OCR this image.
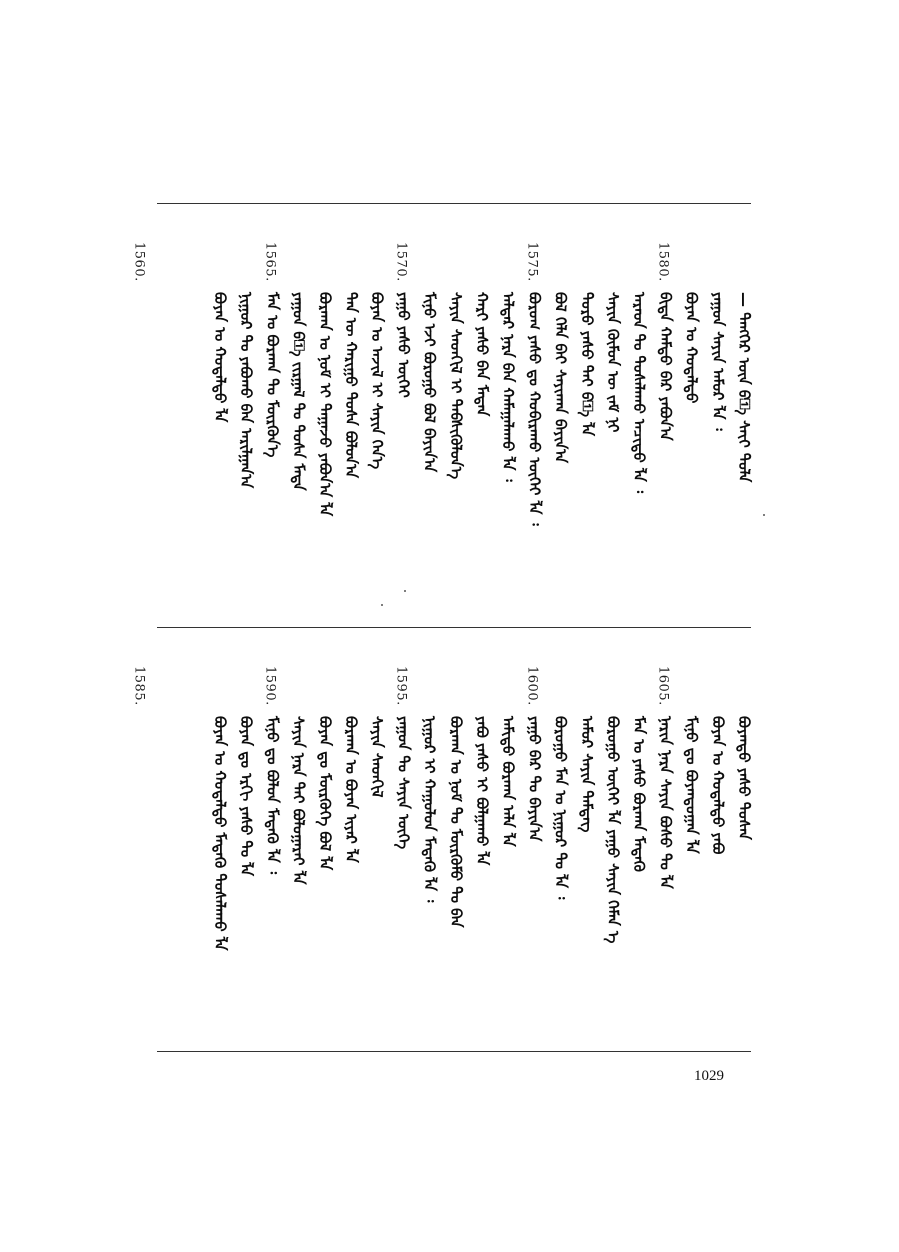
— ᠲᠡᠩᠭᠡᠷ ᠦᠨ ᠪ᠋ᠡ ᠰᠠᠶ᠋ᠢ ᠲᠤᠯᠠ
ᠶᠠᠭᠤᠨ ᠰᠠᠶᠢᠨ ᠠᠮᠤᠷ ᠯᠠ ᠄
ᠪᠤᠶᠠᠨ ᠤ ᠬᠤᠳᠠᠯᠳᠤ
ᠪᠢᠳᠡ ᠬᠠᠮᠲᠤ ᠪᠡᠷ ᠶᠠᠪᠤᠨ᠎ᠠ
ᠠᠷᠠᠳ ᠲᠤ ᠲᠤᠰᠠᠯᠠᠬᠤ ᠠᠴᠢᠲᠤ ᠯᠠ ᠄
ᠰᠠᠶᠢᠨ ᠬᠦᠮᠦᠨ ᠦ ᠵᠠᠮ ᠨᠢ
ᠲᠤᠷᠤ ᠶᠠᠰᠤ ᠲᠠᠢ ᠪ᠋ᠡ ᠯᠡ
ᠪᠤᠯ ᠬᠡᠯᠡ ᠪᠠᠢ ᠰᠠᠶᠢᠬᠠᠨ ᠪᠠᠶᠢᠨ᠎ᠠ
ᠪᠤᠷᠤᠭ ᠶᠠᠰᠤ ᠳᠤ ᠬᠤᠪᠢᠷᠠᠬᠤ ᠦᠭᠡᠢ ᠯᠠ ᠄
ᠠᠯᠳᠠᠷ ᠨᠡᠷᠡ ᠪᠠᠨ ᠬᠠᠮᠠᠭᠠᠯᠠᠬᠤ ᠯᠠ ᠄
ᠬᠠᠷᠢ ᠶᠠᠰᠤ ᠪᠠᠨ ᠮᠡᠳᠡᠨ
ᠰᠠᠶᠢᠨ ᠰᠡᠳᠬᠢᠯ ᠢ ᠳᠡᠪᠰᠢᠭᠦᠯᠦᠨ᠎ᠡ
ᠮᠢᠨᠦ ᠡᠵᠢ ᠪᠤᠷᠤᠭᠤ ᠪᠤᠯ ᠪᠠᠶᠢᠨ᠎ᠠ
ᠶᠠᠭᠤ ᠶᠠᠰᠤ ᠦᠭᠡᠢ
ᠪᠤᠶᠠᠨ ᠤ ᠠᠵᠢᠯ ᠢ ᠰᠠᠶᠢᠨ ᠭᠡᠨ᠎ᠡ
ᠲᠡᠨ ᠦ ᠬᠠᠷᠢᠭᠤ ᠲᠤᠰᠠ ᠪᠤᠯᠤᠨ᠎ᠠ
ᠪᠤᠷᠬᠠᠨ ᠤ ᠨᠣᠮ ᠢ ᠳᠠᠭᠠᠵᠤ ᠶᠠᠪᠤᠨ᠎ᠠ ᠯᠠ
ᠶᠠᠭᠤᠨ ᠪ᠋ᠡ ᠵᠢᠷᠭᠠᠯ ᠲᠤ ᠲᠤᠰᠠ ᠮᠡᠳᠡ
ᠮᠠᠨ ᠤ ᠪᠤᠷᠬᠠᠨ ᠲᠤ ᠮᠦᠷᠭᠦᠨ᠎ᠡ
ᠨᠢᠭᠤᠷ ᠲᠤ ᠶᠠᠪᠤᠬᠤ ᠪᠠᠨ ᠠᠷᠢᠯᠭᠠᠨ᠎ᠠ
ᠪᠤᠶᠠᠨ ᠤ ᠬᠤᠳᠠᠯᠳᠤ ᠯᠠ
1580.
1575.
1570.
1565.
1560.
ᠪᠤᠶᠠᠨᠳᠤ ᠶᠠᠰᠤ ᠲᠤᠰᠠᠨ
ᠪᠤᠶᠠᠨ ᠤ ᠬᠤᠳᠠᠯᠳᠤ ᠶᠠᠪᠤ
ᠮᠢᠨᠦ ᠳᠤ ᠪᠤᠶᠠᠨᠳᠤᠭᠠᠨ ᠯᠠ
ᠨᠠᠷᠢᠨ ᠨᠡᠷᠡ ᠰᠠᠶᠢᠨ ᠪᠤᠰᠤ ᠲᠤ ᠯᠠ
ᠮᠠᠨ ᠤ ᠶᠠᠰᠤ ᠪᠤᠷᠬᠠᠨ ᠮᠡᠳᠡᠬᠦ
ᠪᠤᠷᠤᠭᠤ ᠦᠭᠡᠢ ᠯᠠ ᠶᠠᠭᠤ ᠰᠠᠶᠢᠨ ᠬᠡᠮᠡᠨ ᠡ
ᠠᠮᠤᠷ ᠰᠠᠶᠢᠨ ᠲᠡᠮᠳᠡᠭ
ᠪᠤᠷᠤᠭᠤ ᠮᠠᠨ ᠤ ᠨᠢᠭᠤᠷ ᠲᠤ ᠯᠠ ᠄
ᠶᠠᠭᠤ ᠪᠠᠷ ᠲᠤ ᠪᠠᠶᠢᠨ᠎ᠠ
ᠠᠮᠢᠳᠤ ᠪᠤᠷᠬᠠᠨ ᠠᠯᠠ ᠯᠠ
ᠶᠠᠪᠤ ᠶᠠᠰᠤ ᠢ ᠪᠤᠯᠭᠠᠬᠤ ᠯᠠ
ᠪᠤᠷᠬᠠᠨ ᠤ ᠨᠣᠮ ᠲᠤ ᠮᠦᠷᠭᠦᠮᠦ ᠲᠤ ᠪᠠᠨ
ᠨᠢᠭᠤᠷ ᠢ ᠬᠠᠭᠤᠯᠤᠨ ᠮᠡᠳᠡᠬᠦ ᠯᠠ ᠄
ᠶᠠᠭᠤᠨ ᠲᠤ ᠰᠠᠶᠢᠨ ᠦᠭᠡ
ᠰᠠᠶᠢᠨ ᠰᠡᠳᠬᠢᠯ
ᠪᠤᠷᠬᠠᠨ ᠤ ᠪᠤᠶᠠᠨ ᠢᠶᠠᠷ ᠯᠠ
ᠪᠤᠶᠠᠨ ᠳᠤ ᠮᠦᠷᠭᠦᠭᠡ ᠪᠤᠯ ᠯᠠ
ᠰᠠᠶᠢᠨ ᠨᠡᠷᠡ ᠲᠠᠢ ᠪᠤᠯᠤᠭᠠᠷᠠᠢ ᠯᠠ
ᠮᠢᠨᠦ ᠳᠤ ᠪᠤᠯᠤᠨ ᠮᠡᠳᠡᠬᠦ ᠯᠠ ᠄
ᠪᠤᠶᠠᠨ ᠳᠤ ᠡᠷᠬᠢ ᠶᠠᠰᠤ ᠲᠤ ᠯᠠ
ᠪᠤᠶᠠᠨ ᠤ ᠬᠤᠳᠠᠯᠳᠤ ᠮᠡᠳᠡᠬᠦ ᠲᠤᠰᠠᠯᠠᠬᠤ ᠯᠠ
1605.
1600.
1595.
1590.
1585.
1029
